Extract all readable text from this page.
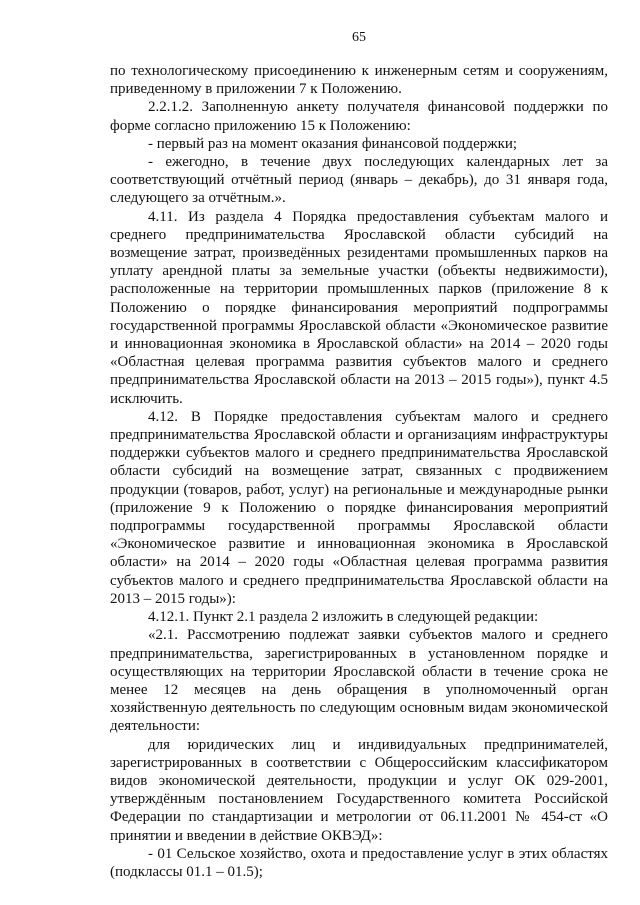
65

по технологическому присоединению к инженерным сетям и сооружениям, приведенному в приложении 7 к Положению.

2.2.1.2. Заполненную анкету получателя финансовой поддержки по форме согласно приложению 15 к Положению:

- первый раз на момент оказания финансовой поддержки;

- ежегодно, в течение двух последующих календарных лет за соответствующий отчётный период (январь – декабрь), до 31 января года, следующего за отчётным.».

4.11. Из раздела 4 Порядка предоставления субъектам малого и среднего предпринимательства Ярославской области субсидий на возмещение затрат, произведённых резидентами промышленных парков на уплату арендной платы за земельные участки (объекты недвижимости), расположенные на территории промышленных парков (приложение 8 к Положению о порядке финансирования мероприятий подпрограммы государственной программы Ярославской области «Экономическое развитие и инновационная экономика в Ярославской области» на 2014 – 2020 годы «Областная целевая программа развития субъектов малого и среднего предпринимательства Ярославской области на 2013 – 2015 годы»), пункт 4.5 исключить.

4.12. В Порядке предоставления субъектам малого и среднего предпринимательства Ярославской области и организациям инфраструктуры поддержки субъектов малого и среднего предпринимательства Ярославской области субсидий на возмещение затрат, связанных с продвижением продукции (товаров, работ, услуг) на региональные и международные рынки (приложение 9 к Положению о порядке финансирования мероприятий подпрограммы государственной программы Ярославской области «Экономическое развитие и инновационная экономика в Ярославской области» на 2014 – 2020 годы «Областная целевая программа развития субъектов малого и среднего предпринимательства Ярославской области на 2013 – 2015 годы»):

4.12.1. Пункт 2.1 раздела 2 изложить в следующей редакции:

«2.1. Рассмотрению подлежат заявки субъектов малого и среднего предпринимательства, зарегистрированных в установленном порядке и осуществляющих на территории Ярославской области в течение срока не менее 12 месяцев на день обращения в уполномоченный орган хозяйственную деятельность по следующим основным видам экономической деятельности:

для юридических лиц и индивидуальных предпринимателей, зарегистрированных в соответствии с Общероссийским классификатором видов экономической деятельности, продукции и услуг ОК 029-2001, утверждённым постановлением Государственного комитета Российской Федерации по стандартизации и метрологии от 06.11.2001 № 454-ст «О принятии и введении в действие ОКВЭД»:

- 01 Сельское хозяйство, охота и предоставление услуг в этих областях (подклассы 01.1 – 01.5);
